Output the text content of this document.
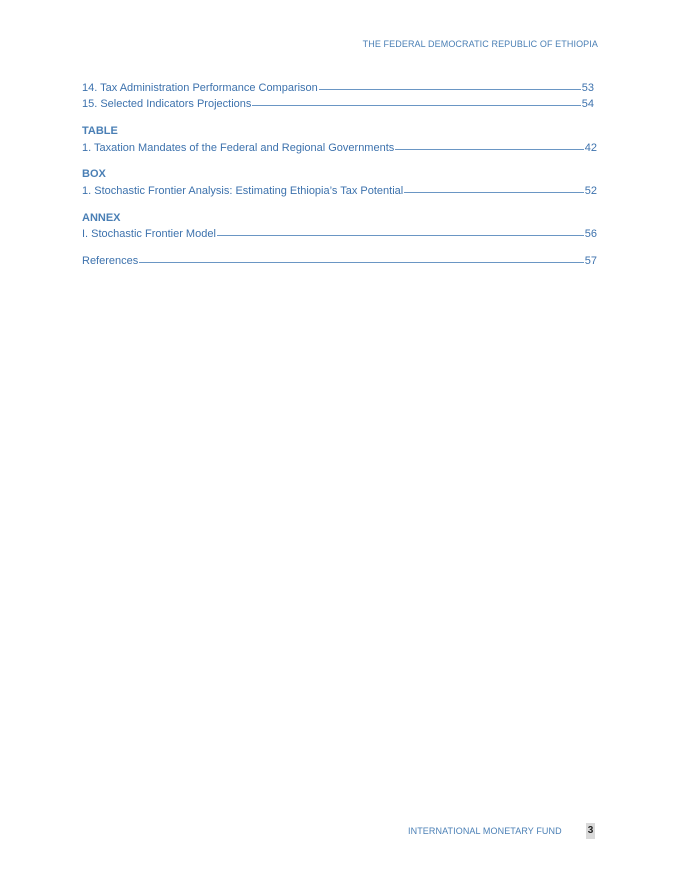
THE FEDERAL DEMOCRATIC REPUBLIC OF ETHIOPIA
14. Tax Administration Performance Comparison	53
15. Selected Indicators Projections	54
TABLE
1. Taxation Mandates of the Federal and Regional Governments	42
BOX
1. Stochastic Frontier Analysis: Estimating Ethiopia’s Tax Potential	52
ANNEX
I. Stochastic Frontier Model	56
References	57
INTERNATIONAL MONETARY FUND	3
